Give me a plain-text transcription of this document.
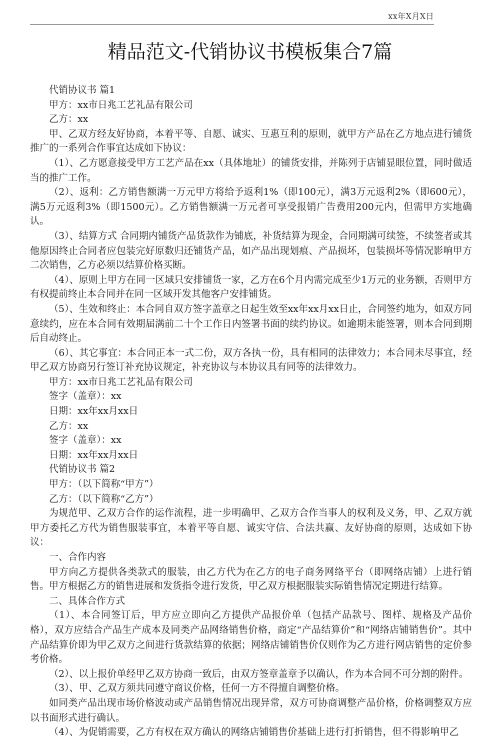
xx年X月X日
精品范文-代销协议书模板集合7篇

代销协议书 篇1

甲方：xx市日兆工艺礼品有限公司

乙方：xx

甲、乙双方经友好协商，本着平等、自愿、诚实、互惠互利的原则，就甲方产品在乙方地点进行铺货推广的一系列合作事宜达成如下协议：

（1）、乙方愿意接受甲方工艺产品在xx（具体地址）的铺货安排，并陈列于店铺显眼位置，同时做适当的推广工作。

（2）、返利：乙方销售额满一万元甲方将给予返利1%（即100元），满3万元返利2%（即600元），满5万元返利3%（即1500元）。乙方销售额满一万元者可享受报销广告费用200元内，但需甲方实地确认。

（3）、结算方式 合同期内铺货产品货款作为铺底，补货结算为现金，合同期满可续签，不续签者或其他原因终止合同者应包装完好原数归还铺货产品，如产品出现划痕、产品损坏，包装损坏等情况影响甲方二次销售，乙方必须以结算价格买断。

（4）、原则上甲方在同一区域只安排铺货一家，乙方在6个月内需完成至少1万元的业务额，否则甲方有权提前终止本合同并在同一区域开发其他客户安排铺货。

（5）、生效和终止：本合同自双方签字盖章之日起生效至xx年xx月xx日止，合同签约地为，如双方同意续约，应在本合同有效期届满前二十个工作日内签署书面的续约协议。如逾期未能签署，则本合同到期后自动终止。

（6）、其它事宜：本合同正本一式二份，双方各执一份，具有相同的法律效力；本合同未尽事宜，经甲乙双方协商另行签订补充协议规定，补充协议与本协议具有同等的法律效力。

甲方：xx市日兆工艺礼品有限公司

签字（盖章）：xx

日期：xx年xx月xx日

乙方：xx

签字（盖章）：xx

日期：xx年xx月xx日

代销协议书 篇2

甲方：（以下简称“甲方”）

乙方：（以下简称“乙方”）

为规范甲、乙双方合作的运作流程，进一步明确甲、乙双方合作当事人的权利及义务，甲、乙双方就甲方委托乙方代为销售服装事宜，本着平等自愿、诚实守信、合法共赢、友好协商的原则，达成如下协议：

一、合作内容

甲方向乙方提供各类款式的服装，由乙方代为在乙方的电子商务网络平台（即网络店铺）上进行销售。甲方根据乙方的销售进展和发货指令进行发货，甲乙双方根据服装实际销售情况定期进行结算。

二、具体合作方式

（1）、本合同签订后，甲方应立即向乙方提供产品报价单（包括产品款号、图样、规格及产品价格），双方应结合产品生产成本及同类产品网络销售价格，商定“产品结算价”和“网络店铺销售价”。其中产品结算价即为甲乙双方之间进行货款结算的依据；网络店铺销售价仅则作为乙方进行网店销售的定价参考价格。

（2）、以上报价单经甲乙双方协商一致后，由双方签章盖章予以确认，作为本合同不可分割的附件。

（3）、甲、乙双方须共同遵守商议价格，任何一方不得擅自调整价格。

如同类产品出现市场价格波动或产品销售情况出现异常，双方可协商调整产品价格，价格调整双方应以书面形式进行确认。

（4）、为促销需要，乙方有权在双方确认的网络店铺销售价基础上进行打折销售，但不得影响甲乙
